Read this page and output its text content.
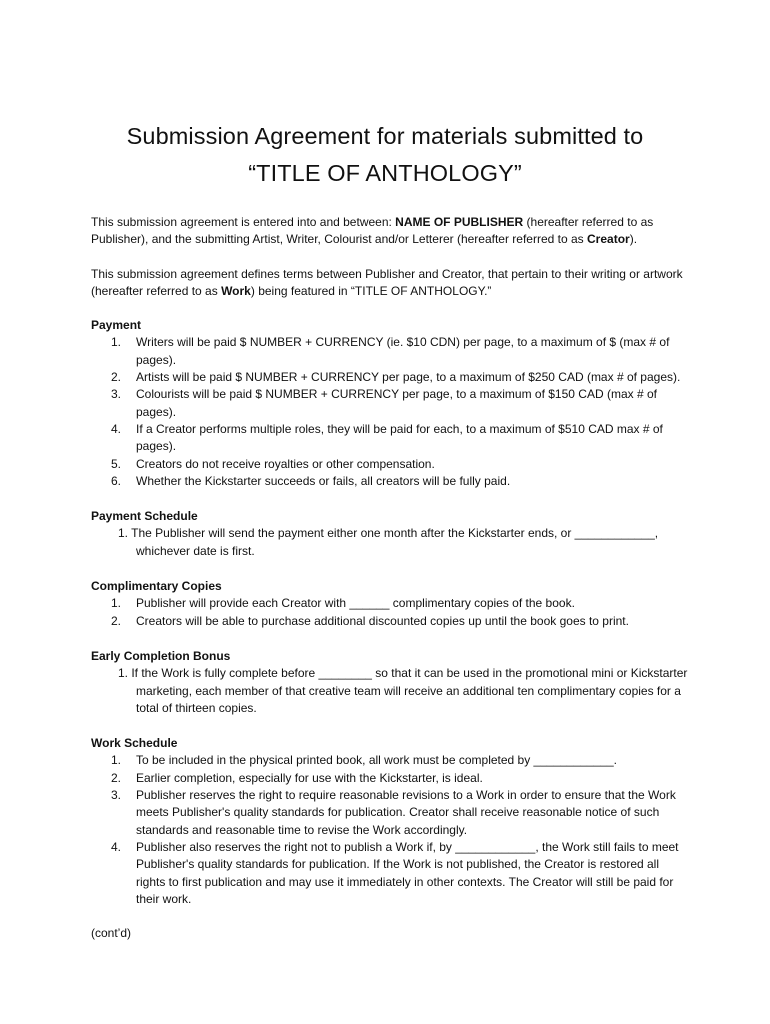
Submission Agreement for materials submitted to
“TITLE OF ANTHOLOGY”

This submission agreement is entered into and between: NAME OF PUBLISHER (hereafter referred to as Publisher), and the submitting Artist, Writer, Colourist and/or Letterer (hereafter referred to as Creator).

This submission agreement defines terms between Publisher and Creator, that pertain to their writing or artwork (hereafter referred to as Work) being featured in “TITLE OF ANTHOLOGY.”

Payment

1. Writers will be paid $ NUMBER + CURRENCY (ie. $10 CDN) per page, to a maximum of $ (max # of pages).
2. Artists will be paid $ NUMBER + CURRENCY per page, to a maximum of $250 CAD (max # of pages).
3. Colourists will be paid $ NUMBER + CURRENCY per page, to a maximum of $150 CAD (max # of pages).
4. If a Creator performs multiple roles, they will be paid for each, to a maximum of $510 CAD max # of pages).
5. Creators do not receive royalties or other compensation.
6. Whether the Kickstarter succeeds or fails, all creators will be fully paid.

Payment Schedule

1. The Publisher will send the payment either one month after the Kickstarter ends, or ____________, whichever date is first.

Complimentary Copies

1. Publisher will provide each Creator with ______ complimentary copies of the book.
2. Creators will be able to purchase additional discounted copies up until the book goes to print.

Early Completion Bonus

1. If the Work is fully complete before ________ so that it can be used in the promotional mini or Kickstarter marketing, each member of that creative team will receive an additional ten complimentary copies for a total of thirteen copies.

Work Schedule

1. To be included in the physical printed book, all work must be completed by ____________.
2. Earlier completion, especially for use with the Kickstarter, is ideal.
3. Publisher reserves the right to require reasonable revisions to a Work in order to ensure that the Work meets Publisher's quality standards for publication. Creator shall receive reasonable notice of such standards and reasonable time to revise the Work accordingly.
4. Publisher also reserves the right not to publish a Work if, by ____________, the Work still fails to meet Publisher's quality standards for publication. If the Work is not published, the Creator is restored all rights to first publication and may use it immediately in other contexts. The Creator will still be paid for their work.

(cont’d)
